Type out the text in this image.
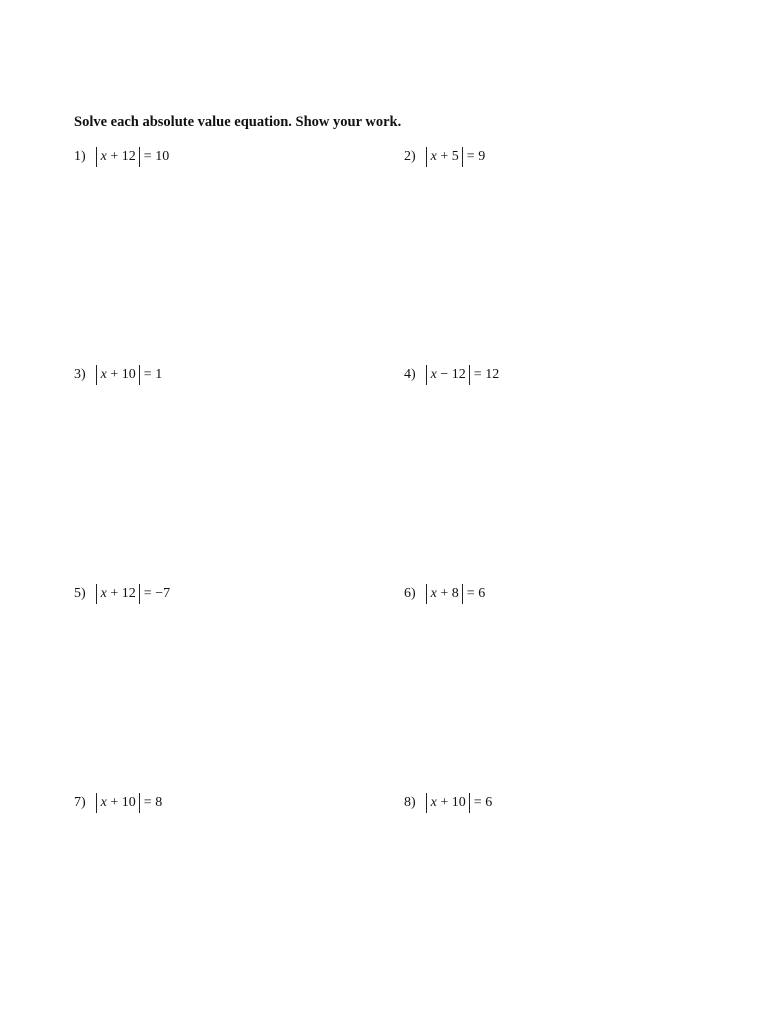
Solve each absolute value equation. Show your work.
1)	x + 12 = 10	2)	x + 5 = 9
3)	x + 10 = 1	4)	x − 12 = 12
5)	x + 12 = −7	6)	x + 8 = 6
7)	x + 10 = 8	8)	x + 10 = 6
